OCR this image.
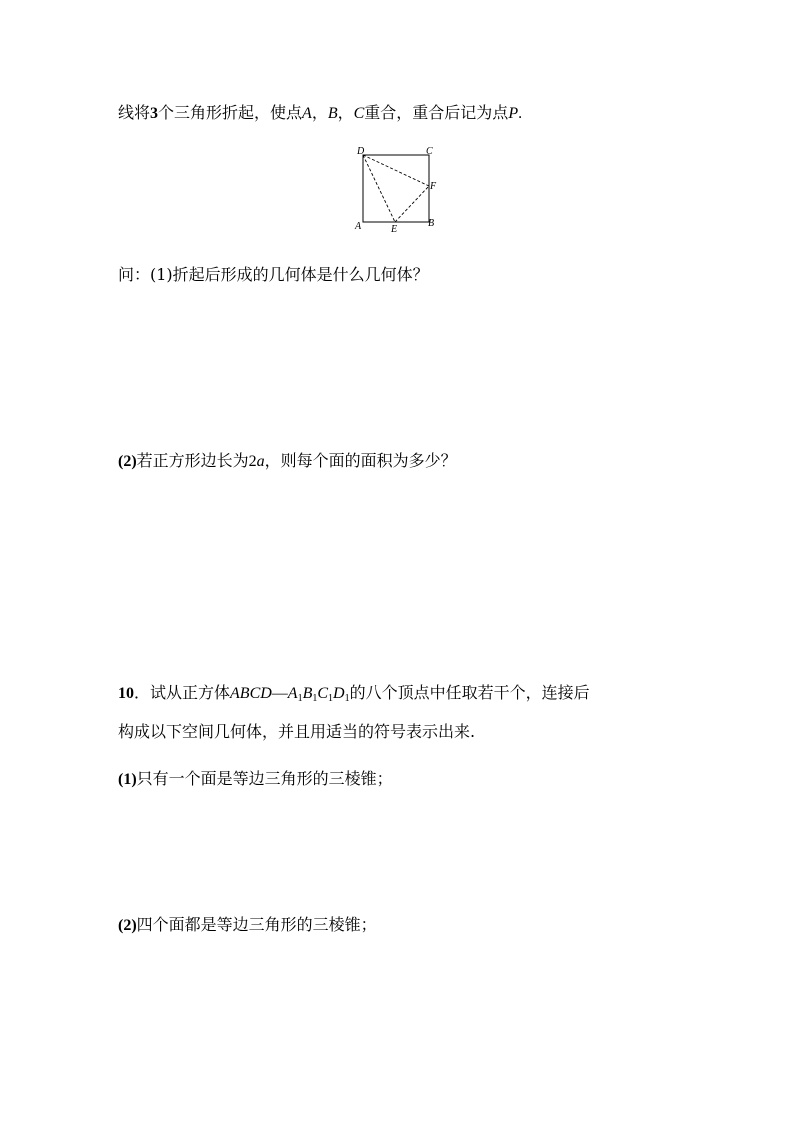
线将3个三角形折起，使点A，B，C重合，重合后记为点P.
D	C
F
A	E
B
问：(1)折起后形成的几何体是什么几何体？
(2)若正方形边长为2a，则每个面的面积为多少？
10．试从正方体$ABCD—A_1B_1C_1D_1$的八个顶点中任取若干个，连接后
构成以下空间几何体，并且用适当的符号表示出来.
(1)只有一个面是等边三角形的三棱锥；
(2)四个面都是等边三角形的三棱锥；
